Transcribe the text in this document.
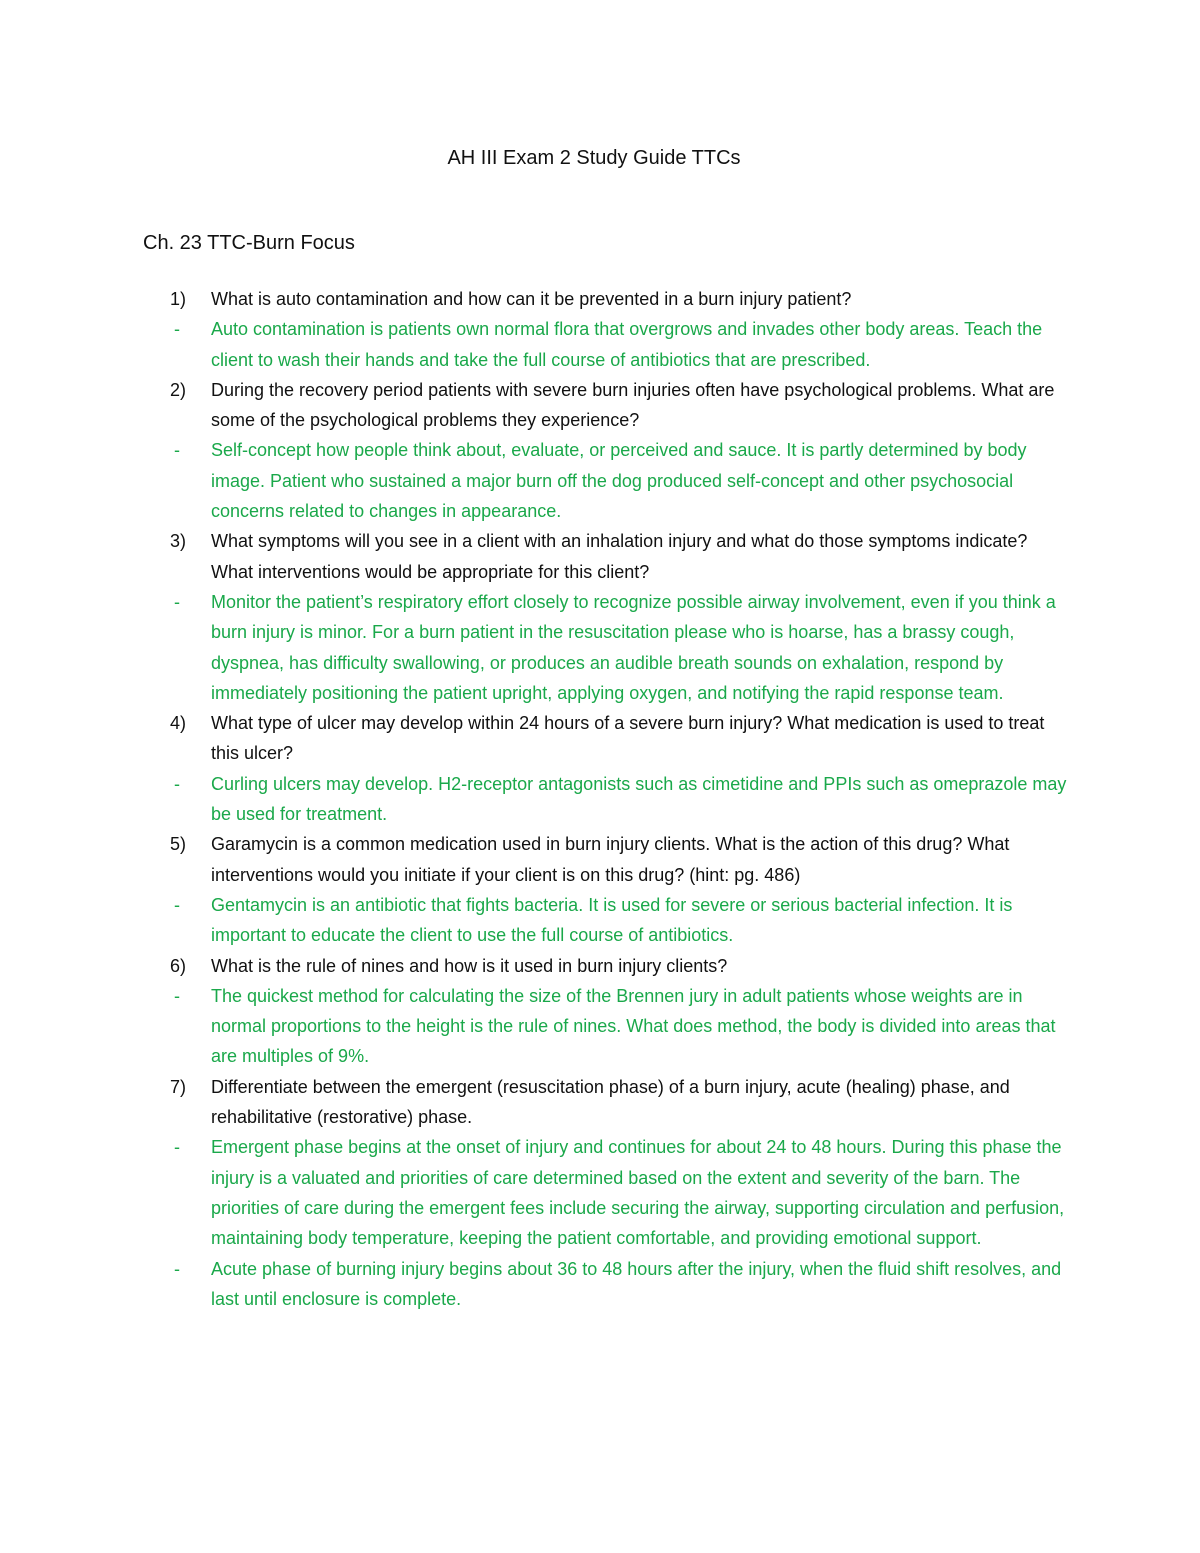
AH III Exam 2 Study Guide TTCs
Ch. 23 TTC-Burn Focus
1) What is auto contamination and how can it be prevented in a burn injury patient?
- Auto contamination is patients own normal flora that overgrows and invades other body areas. Teach the client to wash their hands and take the full course of antibiotics that are prescribed.
2) During the recovery period patients with severe burn injuries often have psychological problems. What are some of the psychological problems they experience?
- Self-concept how people think about, evaluate, or perceived and sauce. It is partly determined by body image. Patient who sustained a major burn off the dog produced self-concept and other psychosocial concerns related to changes in appearance.
3) What symptoms will you see in a client with an inhalation injury and what do those symptoms indicate? What interventions would be appropriate for this client?
- Monitor the patient’s respiratory effort closely to recognize possible airway involvement, even if you think a burn injury is minor. For a burn patient in the resuscitation please who is hoarse, has a brassy cough, dyspnea, has difficulty swallowing, or produces an audible breath sounds on exhalation, respond by immediately positioning the patient upright, applying oxygen, and notifying the rapid response team.
4) What type of ulcer may develop within 24 hours of a severe burn injury? What medication is used to treat this ulcer?
- Curling ulcers may develop. H2-receptor antagonists such as cimetidine and PPIs such as omeprazole may be used for treatment.
5) Garamycin is a common medication used in burn injury clients. What is the action of this drug? What interventions would you initiate if your client is on this drug? (hint: pg. 486)
- Gentamycin is an antibiotic that fights bacteria. It is used for severe or serious bacterial infection. It is important to educate the client to use the full course of antibiotics.
6) What is the rule of nines and how is it used in burn injury clients?
- The quickest method for calculating the size of the Brennen jury in adult patients whose weights are in normal proportions to the height is the rule of nines. What does method, the body is divided into areas that are multiples of 9%.
7) Differentiate between the emergent (resuscitation phase) of a burn injury, acute (healing) phase, and rehabilitative (restorative) phase.
- Emergent phase begins at the onset of injury and continues for about 24 to 48 hours. During this phase the injury is a valuated and priorities of care determined based on the extent and severity of the barn. The priorities of care during the emergent fees include securing the airway, supporting circulation and perfusion, maintaining body temperature, keeping the patient comfortable, and providing emotional support.
- Acute phase of burning injury begins about 36 to 48 hours after the injury, when the fluid shift resolves, and last until enclosure is complete.
